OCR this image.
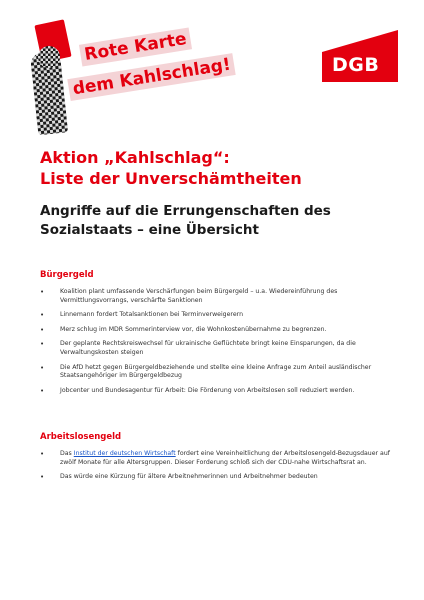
Rote Karte
dem Kahlschlag!	DGB
Aktion „Kahlschlag“:
Liste der Unverschämtheiten
Angriffe auf die Errungenschaften des
Sozialstaats – eine Übersicht
Bürgergeld
•	Koalition plant umfassende Verschärfungen beim Bürgergeld – u.a. Wiedereinführung des Vermittlungsvorrangs, verschärfte Sanktionen
•	Linnemann fordert Totalsanktionen bei Terminverweigerern
•	Merz schlug im MDR Sommerinterview vor, die Wohnkostenübernahme zu begrenzen.
•	Der geplante Rechtskreiswechsel für ukrainische Geflüchtete bringt keine Einsparungen, da die Verwaltungskosten steigen
•	Die AfD hetzt gegen Bürgergeldbeziehende und stellte eine kleine Anfrage zum Anteil ausländischer Staatsangehöriger im Bürgergeldbezug
•	Jobcenter und Bundesagentur für Arbeit: Die Förderung von Arbeitslosen soll reduziert werden.
Arbeitslosengeld
•	Das Institut der deutschen Wirtschaft fordert eine Vereinheitlichung der Arbeitslosengeld-Bezugsdauer auf zwölf Monate für alle Altersgruppen. Dieser Forderung schloß sich der CDU-nahe Wirtschaftsrat an.
•	Das würde eine Kürzung für ältere Arbeitnehmerinnen und Arbeitnehmer bedeuten
